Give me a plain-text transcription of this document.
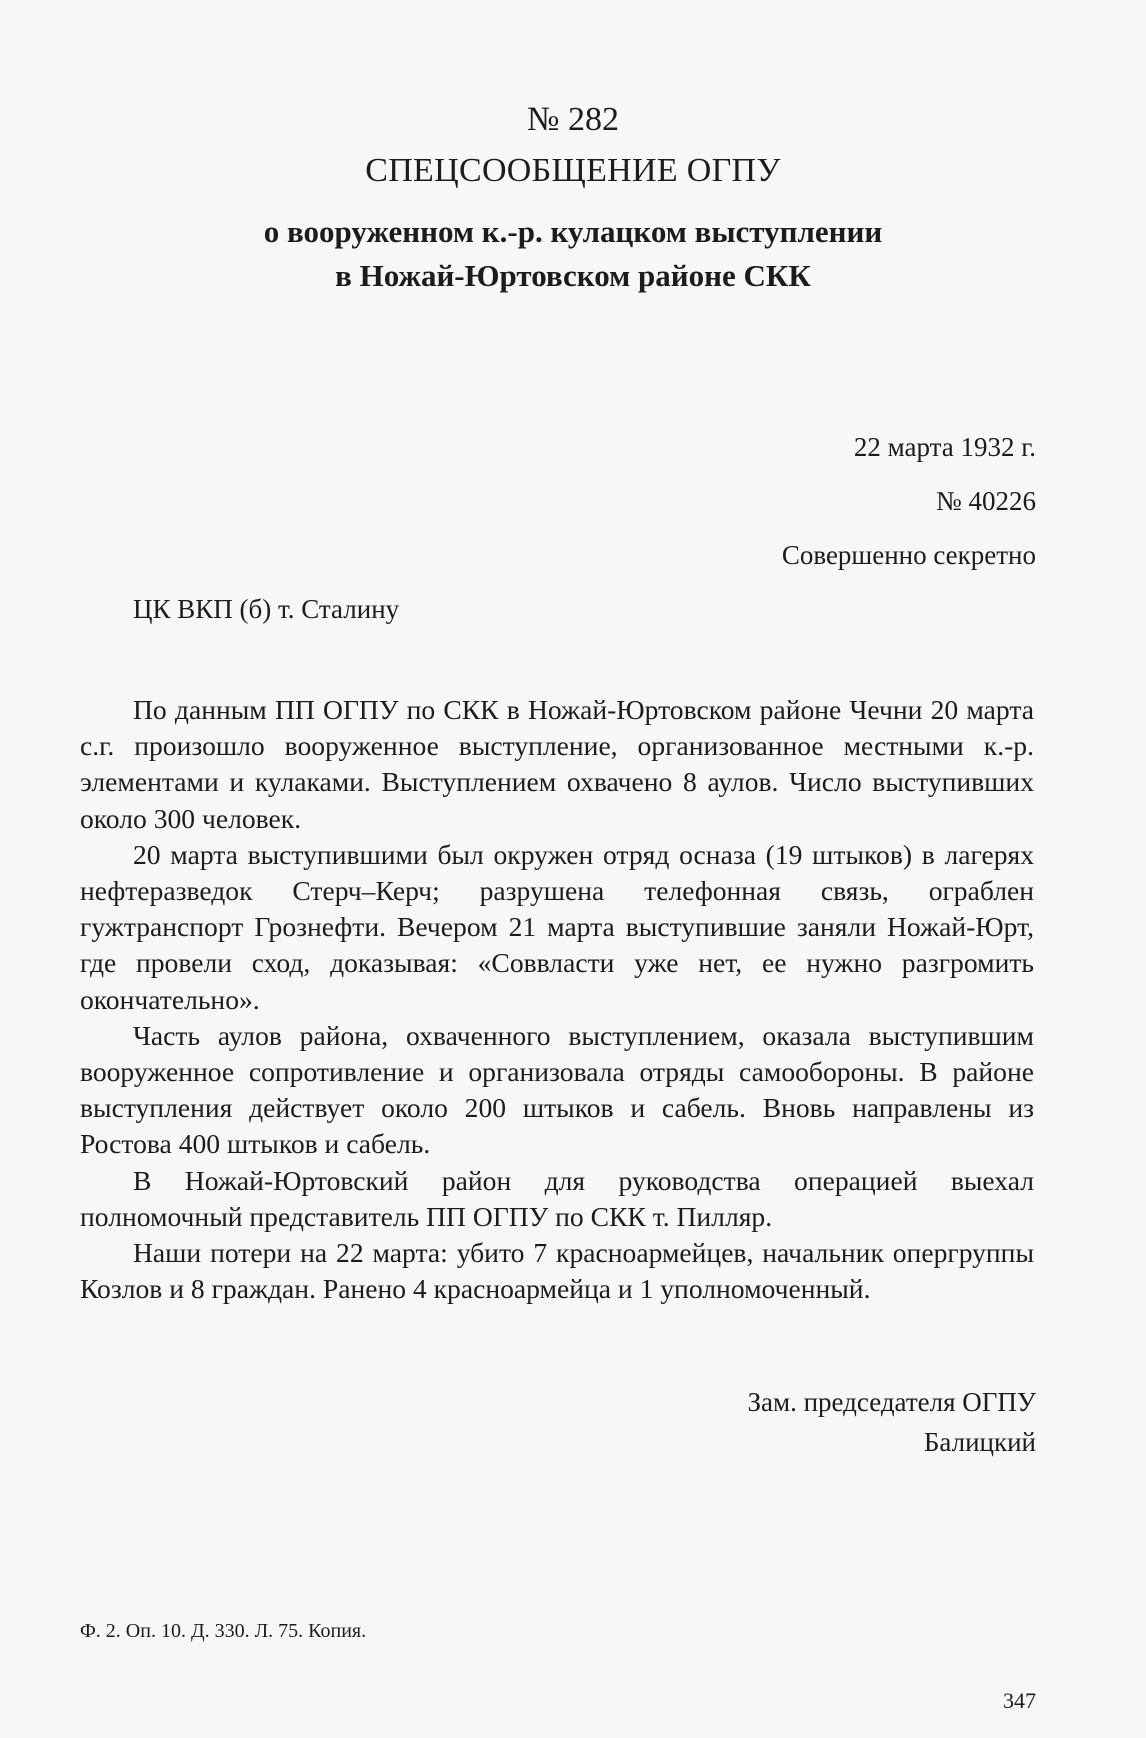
№ 282
СПЕЦСООБЩЕНИЕ ОГПУ
о вооруженном к.-р. кулацком выступлении
в Ножай-Юртовском районе СКК
22 марта 1932 г.
№ 40226
Совершенно секретно
ЦК ВКП (б) т. Сталину

По данным ПП ОГПУ по СКК в Ножай-Юртовском районе Чечни 20 марта с.г. произошло вооруженное выступление, организованное местными к.-р. элементами и кулаками. Выступлением охвачено 8 аулов. Число выступивших около 300 человек.

20 марта выступившими был окружен отряд осназа (19 штыков) в лагерях нефтеразведок Стерч–Керч; разрушена телефонная связь, ограблен гужтранспорт Грознефти. Вечером 21 марта выступившие заняли Ножай-Юрт, где провели сход, доказывая: «Соввласти уже нет, ее нужно разгромить окончательно».

Часть аулов района, охваченного выступлением, оказала выступившим вооруженное сопротивление и организовала отряды самообороны. В районе выступления действует около 200 штыков и сабель. Вновь направлены из Ростова 400 штыков и сабель.

В Ножай-Юртовский район для руководства операцией выехал полномочный представитель ПП ОГПУ по СКК т. Пилляр.

Наши потери на 22 марта: убито 7 красноармейцев, начальник опергруппы Козлов и 8 граждан. Ранено 4 красноармейца и 1 уполномоченный.

Зам. председателя ОГПУ
Балицкий
Ф. 2. Оп. 10. Д. 330. Л. 75. Копия.
347
